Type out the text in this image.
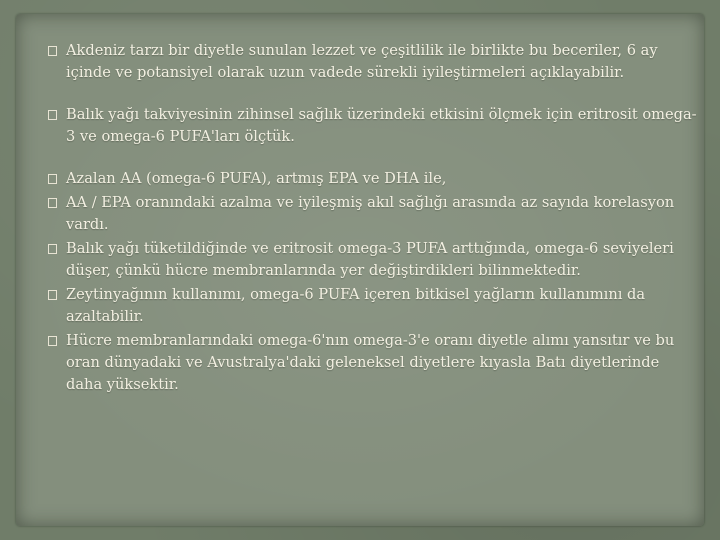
Akdeniz tarzı bir diyetle sunulan lezzet ve çeşitlilik ile birlikte bu beceriler, 6 ay içinde ve potansiyel olarak uzun vadede sürekli iyileştirmeleri açıklayabilir.
Balık yağı takviyesinin zihinsel sağlık üzerindeki etkisini ölçmek için eritrosit omega-3 ve omega-6 PUFA'ları ölçtük.
Azalan AA (omega-6 PUFA), artmış EPA ve DHA ile,
AA / EPA oranındaki azalma ve iyileşmiş akıl sağlığı arasında az sayıda korelasyon vardı.
Balık yağı tüketildiğinde ve eritrosit omega-3 PUFA arttığında, omega-6 seviyeleri düşer, çünkü hücre membranlarında yer değiştirdikleri bilinmektedir.
Zeytinyağının kullanımı, omega-6 PUFA içeren bitkisel yağların kullanımını da azaltabilir.
Hücre membranlarındaki omega-6'nın omega-3'e oranı diyetle alımı yansıtır ve bu oran dünyadaki ve Avustralya'daki geleneksel diyetlere kıyasla Batı diyetlerinde daha yüksektir.
